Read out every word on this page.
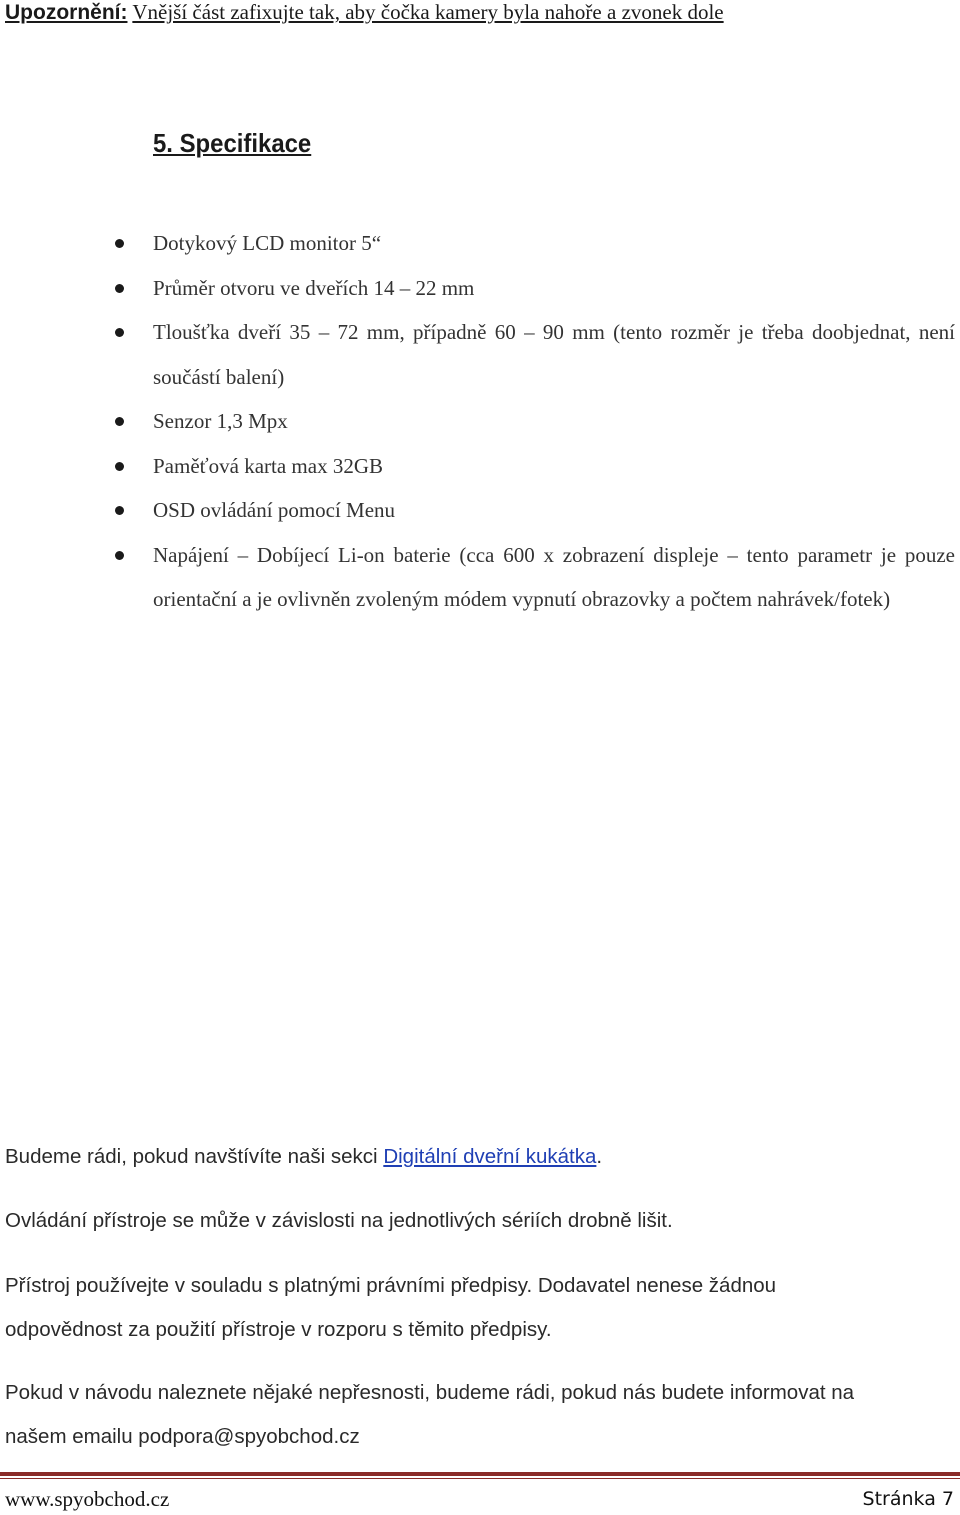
Upozornění: Vnější část zafixujte tak, aby čočka kamery byla nahoře a zvonek dole
5. Specifikace
Dotykový LCD monitor 5“
Průměr otvoru ve dveřích 14 – 22 mm
Tloušťka dveří 35 – 72 mm, případně 60 – 90 mm (tento rozměr je třeba doobjednat, není součástí balení)
Senzor 1,3 Mpx
Paměťová karta max 32GB
OSD ovládání pomocí Menu
Napájení – Dobíjecí Li-on baterie (cca 600 x zobrazení displeje – tento parametr je pouze orientační a je ovlivněn zvoleným módem vypnutí obrazovky a počtem nahrávek/fotek)

Budeme rádi, pokud navštívíte naši sekci Digitální dveřní kukátka.

Ovládání přístroje se může v závislosti na jednotlivých sériích drobně lišit.

Přístroj používejte v souladu s platnými právními předpisy. Dodavatel nenese žádnou
odpovědnost za použití přístroje v rozporu s těmito předpisy.

Pokud v návodu naleznete nějaké nepřesnosti, budeme rádi, pokud nás budete informovat na
našem emailu podpora@spyobchod.cz

www.spyobchod.cz	Stránka 7
